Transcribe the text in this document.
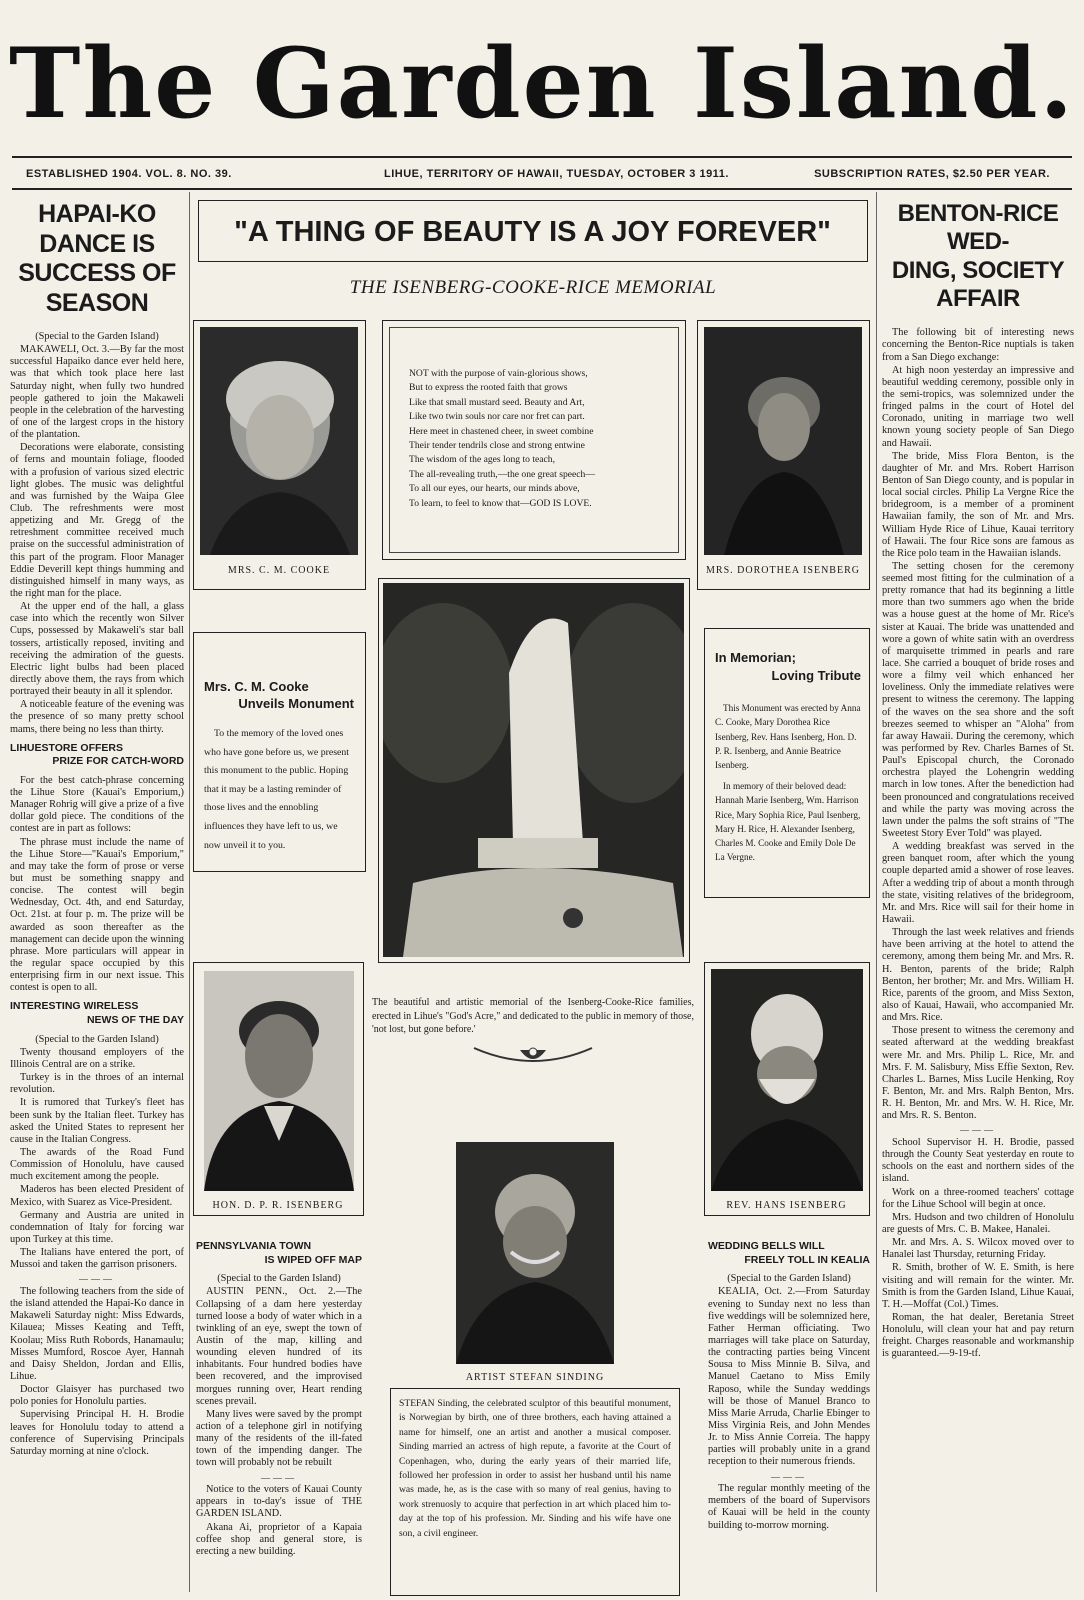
The Garden Island.
ESTABLISHED 1904. VOL. 8. NO. 39.	LIHUE, TERRITORY OF HAWAII, TUESDAY, OCTOBER 3 1911.	SUBSCRIPTION RATES, $2.50 PER YEAR.
HAPAI-KO DANCE IS
SUCCESS OF
SEASON

(Special to the Garden Island)

MAKAWELI, Oct. 3.—By far the most successful Hapaiko dance ever held here, was that which took place here last Saturday night, when fully two hundred people gathered to join the Makaweli people in the celebration of the harvesting of one of the largest crops in the history of the plantation.

Decorations were elaborate, consisting of ferns and mountain foliage, flooded with a profusion of various sized electric light globes. The music was delightful and was furnished by the Waipa Glee Club. The refreshments were most appetizing and Mr. Gregg of the retreshment committee received much praise on the successful administration of this part of the program. Floor Manager Eddie Deverill kept things humming and distinguished himself in many ways, as the right man for the place.

At the upper end of the hall, a glass case into which the recently won Silver Cups, possessed by Makaweli's star ball tossers, artistically reposed, inviting and receiving the admiration of the guests. Electric light bulbs had been placed directly above them, the rays from which portrayed their beauty in all it splendor.

A noticeable feature of the evening was the presence of so many pretty school mams, there being no less than thirty.

LIHUESTORE OFFERS
PRIZE FOR CATCH-WORD

For the best catch-phrase concerning the Lihue Store (Kauai's Emporium,) Manager Rohrig will give a prize of a five dollar gold piece. The conditions of the contest are in part as follows:

The phrase must include the name of the Lihue Store—"Kauai's Emporium," and may take the form of prose or verse but must be something snappy and concise. The contest will begin Wednesday, Oct. 4th, and end Saturday, Oct. 21st. at four p. m. The prize will be awarded as soon thereafter as the management can decide upon the winning phrase. More particulars will appear in the regular space occupied by this enterprising firm in our next issue. This contest is open to all.

INTERESTING WIRELESS
NEWS OF THE DAY

(Special to the Garden Island)

Twenty thousand employers of the Illinois Central are on a strike.

Turkey is in the throes of an internal revolution.

It is rumored that Turkey's fleet has been sunk by the Italian fleet. Turkey has asked the United States to represent her cause in the Italian Congress.

The awards of the Road Fund Commission of Honolulu, have caused much excitement among the people.

Maderos has been elected President of Mexico, with Suarez as Vice-President.

Germany and Austria are united in condemnation of Italy for forcing war upon Turkey at this time.

The Italians have entered the port, of Mussoi and taken the garrison prisoners.

———

The following teachers from the side of the island attended the Hapai-Ko dance in Makaweli Saturday night: Miss Edwards, Kilauea; Misses Keating and Tefft, Koolau; Miss Ruth Robords, Hanamaulu; Misses Mumford, Roscoe Ayer, Hannah and Daisy Sheldon, Jordan and Ellis, Lihue.

Doctor Glaisyer has purchased two polo ponies for Honolulu parties.

Supervising Principal H. H. Brodie leaves for Honolulu today to attend a conference of Supervising Principals Saturday morning at nine o'clock.

"A THING OF BEAUTY IS A JOY FOREVER"
THE ISENBERG-COOKE-RICE MEMORIAL
MRS. C. M. COOKE
NOT with the purpose of vain-glorious shows,
But to express the rooted faith that grows
Like that small mustard seed. Beauty and Art,
Like two twin souls nor care nor fret can part.
Here meet in chastened cheer, in sweet combine
Their tender tendrils close and strong entwine
The wisdom of the ages long to teach,
The all-revealing truth,—the one great speech—
To all our eyes, our hearts, our minds above,
To learn, to feel to know that—GOD IS LOVE.
MRS. DOROTHEA ISENBERG
Mrs. C. M. Cooke
Unveils Monument
To the memory of the loved ones who have gone before us, we present this monument to the public. Hoping that it may be a lasting reminder of those lives and the ennobling influences they have left to us, we now unveil it to you.
In Memorian;
Loving Tribute
This Monument was erected by Anna C. Cooke, Mary Dorothea Rice Isenberg, Rev. Hans Isenberg, Hon. D. P. R. Isenberg, and Annie Beatrice Isenberg.
In memory of their beloved dead: Hannah Marie Isenberg, Wm. Harrison Rice, Mary Sophia Rice, Paul Isenberg, Mary H. Rice, H. Alexander Isenberg, Charles M. Cooke and Emily Dole De La Vergne.
HON. D. P. R. ISENBERG
The beautiful and artistic memorial of the Isenberg-Cooke-Rice families, erected in Lihue's "God's Acre," and dedicated to the public in memory of those, 'not lost, but gone before.'
REV. HANS ISENBERG
ARTIST STEFAN SINDING
PENNSYLVANIA TOWN
IS WIPED OFF MAP

(Special to the Garden Island)

AUSTIN PENN., Oct. 2.—The Collapsing of a dam here yesterday turned loose a body of water which in a twinkling of an eye, swept the town of Austin of the map, killing and wounding eleven hundred of its inhabitants. Four hundred bodies have been recovered, and the improvised morgues running over, Heart rending scenes prevail.

Many lives were saved by the prompt action of a telephone girl in notifying many of the residents of the ill-fated town of the impending danger. The town will probably not be rebuilt

———

Notice to the voters of Kauai County appears in to-day's issue of THE GARDEN ISLAND.

Akana Ai, proprietor of a Kapaia coffee shop and general store, is erecting a new building.

STEFAN Sinding, the celebrated sculptor of this beautiful monument, is Norwegian by birth, one of three brothers, each having attained a name for himself, one an artist and another a musical composer. Sinding married an actress of high repute, a favorite at the Court of Copenhagen, who, during the early years of their married life, followed her profession in order to assist her husband until his name was made, he, as is the case with so many of real genius, having to work strenuosly to acquire that perfection in art which placed him to-day at the top of his profession. Mr. Sinding and his wife have one son, a civil engineer.
WEDDING BELLS WILL
FREELY TOLL IN KEALIA

(Special to the Garden Island)

KEALIA, Oct. 2.—From Saturday evening to Sunday next no less than five weddings will be solemnized here, Father Herman officiating. Two marriages will take place on Saturday, the contracting parties being Vincent Sousa to Miss Minnie B. Silva, and Manuel Caetano to Miss Emily Raposo, while the Sunday weddings will be those of Manuel Branco to Miss Marie Arruda, Charlie Ebinger to Miss Virginia Reis, and John Mendes Jr. to Miss Annie Correia. The happy parties will probably unite in a grand reception to their numerous friends.

———

The regular monthly meeting of the members of the board of Supervisors of Kauai will be held in the county building to-morrow morning.

BENTON-RICE WED-
DING, SOCIETY
AFFAIR

The following bit of interesting news concerning the Benton-Rice nuptials is taken from a San Diego exchange:

At high noon yesterday an impressive and beautiful wedding ceremony, possible only in the semi-tropics, was solemnized under the fringed palms in the court of Hotel del Coronado, uniting in marriage two well known young society people of San Diego and Hawaii.

The bride, Miss Flora Benton, is the daughter of Mr. and Mrs. Robert Harrison Benton of San Diego county, and is popular in local social circles. Philip La Vergne Rice the bridegroom, is a member of a prominent Hawaiian family, the son of Mr. and Mrs. William Hyde Rice of Lihue, Kauai territory of Hawaii. The four Rice sons are famous as the Rice polo team in the Hawaiian islands.

The setting chosen for the ceremony seemed most fitting for the culmination of a pretty romance that had its beginning a little more than two summers ago when the bride was a house guest at the home of Mr. Rice's sister at Kauai. The bride was unattended and wore a gown of white satin with an overdress of marquisette trimmed in pearls and rare lace. She carried a bouquet of bride roses and wore a filmy veil which enhanced her loveliness. Only the immediate relatives were present to witness the ceremony. The lapping of the waves on the sea shore and the soft breezes seemed to whisper an "Aloha" from far away Hawaii. During the ceremony, which was performed by Rev. Charles Barnes of St. Paul's Episcopal church, the Coronado orchestra played the Lohengrin wedding march in low tones. After the benediction had been pronounced and congratulations received and while the party was moving across the lawn under the palms the soft strains of "The Sweetest Story Ever Told" was played.

A wedding breakfast was served in the green banquet room, after which the young couple departed amid a shower of rose leaves. After a wedding trip of about a month through the state, visiting relatives of the bridegroom, Mr. and Mrs. Rice will sail for their home in Hawaii.

Through the last week relatives and friends have been arriving at the hotel to attend the ceremony, among them being Mr. and Mrs. R. H. Benton, parents of the bride; Ralph Benton, her brother; Mr. and Mrs. William H. Rice, parents of the groom, and Miss Sexton, also of Kauai, Hawaii, who accompanied Mr. and Mrs. Rice.

Those present to witness the ceremony and seated afterward at the wedding breakfast were Mr. and Mrs. Philip L. Rice, Mr. and Mrs. F. M. Salisbury, Miss Effie Sexton, Rev. Charles L. Barnes, Miss Lucile Henking, Roy F. Benton, Mr. and Mrs. Ralph Benton, Mrs. R. H. Benton, Mr. and Mrs. W. H. Rice, Mr. and Mrs. R. S. Benton.

———

School Supervisor H. H. Brodie, passed through the County Seat yesterday en route to schools on the east and northern sides of the island.

Work on a three-roomed teachers' cottage for the Lihue School will begin at once.

Mrs. Hudson and two children of Honolulu are guests of Mrs. C. B. Makee, Hanalei.

Mr. and Mrs. A. S. Wilcox moved over to Hanalei last Thursday, returning Friday.

R. Smith, brother of W. E. Smith, is here visiting and will remain for the winter. Mr. Smith is from the Garden Island, Lihue Kauai, T. H.—Moffat (Col.) Times.

Roman, the hat dealer, Beretania Street Honolulu, will clean your hat and pay return freight. Charges reasonable and workmanship is guaranteed.—9-19-tf.
